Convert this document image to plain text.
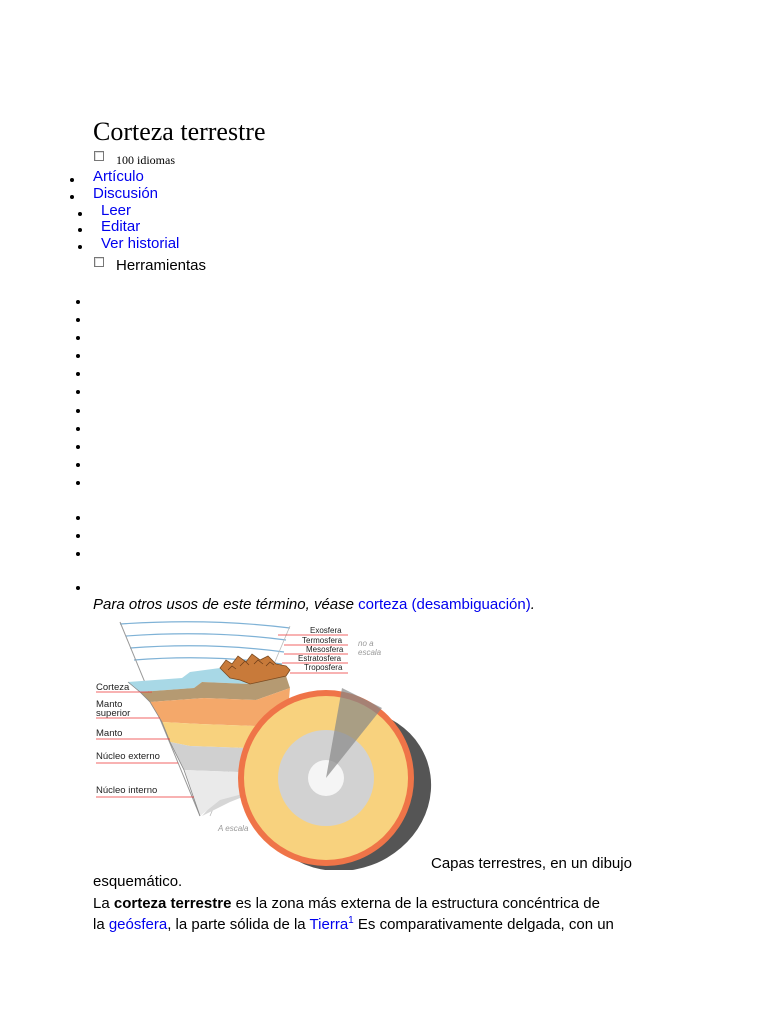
Corteza terrestre
100 idiomas
Artículo
Discusión
Leer
Editar
Ver historial
Herramientas
Para otros usos de este término, véase corteza (desambiguación).
Exosfera
Termosfera
Mesosfera
Estratosfera
Troposfera
no a
escala
Corteza
Manto
superior
Manto
Núcleo externo
Núcleo interno
A escala
Capas terrestres, en un dibujo
esquemático.
La corteza terrestre es la zona más externa de la estructura concéntrica de
la geósfera, la parte sólida de la Tierra$^1$ Es comparativamente delgada, con un
